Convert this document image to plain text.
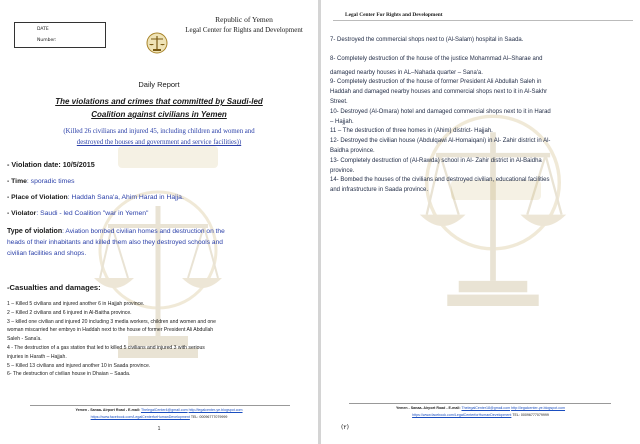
DATE
Number:
Republic of Yemen
Legal Center for Rights and Development
Daily Report
The violations and crimes that committed by Saudi-led
Coalition against civilians in Yemen
(Killed 26 civilians and injured 45, including children and women and
destroyed the houses and government and service facilities))
- Violation date: 10/5/2015
- Time: sporadic times
- Place of Violation: Haddah Sana'a, Ahim Harad in Hajja.
- Violator: Saudi - led Coalition "war in Yemen"
Type of violation: Aviation bombed civilian homes and destruction on the
heads of their inhabitants and killed them also they destroyed schools and
civilian facilities and shops.
-Casualties and damages:
1 – Killed 5 civilians and injured another 6 in Hajjah province.
2 – Killed 2 civilians and 6 injured in Al-Baitha province.
3 – killed one civilian and injured 20 including 3 media workers, children and women and one
woman miscarried her embryo in Haddah next to the house of former President Ali Abdullah
Saleh - Sana'a.
4 - The destruction of a gas station that led to killed 5 civilians and injured 3 with serious
injuries in Harath – Hajjah.
5 – Killed 13 civilians and injured another 10 in Saada province.
6- The destruction of civilian house in Dhaian – Saada.
Yemen - Sanaa- Airport Road - E-mail: ThelegalCenter4@gmail.com http://legalcenter-ye.blogspot.com
https://www.facebook.com/LegalCenterforHumanDevelopment TEL: 00096777079999
1
Legal Center For Rights and Development
7- Destroyed the commercial shops next to (Al-Salam) hospital in Saada.
8- Completely destruction of the house of the justice Mohammad Al–Sharae and
damaged nearby houses in AL–Nahada quarter – Sana'a.
9- Completely destruction of the house of former President Ali Abdullah Saleh in
Haddah and damaged nearby houses and commercial shops next to it in Al-Sakhr
Street.
10- Destroyed (Al-Omara) hotel and damaged commercial shops next to it in Harad
– Hajjah.
11 – The destruction of three homes in (Ahim) district- Hajjah.
12- Destroyed the civilian house (Abdulqawi Al-Homaiqani) in Al- Zahir district in Al-
Baidha province.
13- Completely destruction of (Al-Rawda) school in Al- Zahir district in Al-Baidha
province.
14- Bombed the houses of the civilians and destroyed civilian, educational facilities
and infrastructure in Saada province.
Yemen - Sanaa- Airport Road - E-mail: ThelegalCenter18@gmail.com http://legalcenter-ye.blogspot.com
https://www.facebook.com/LegalCenterforHumanDevelopment TEL: 00096777079999
(٢)
